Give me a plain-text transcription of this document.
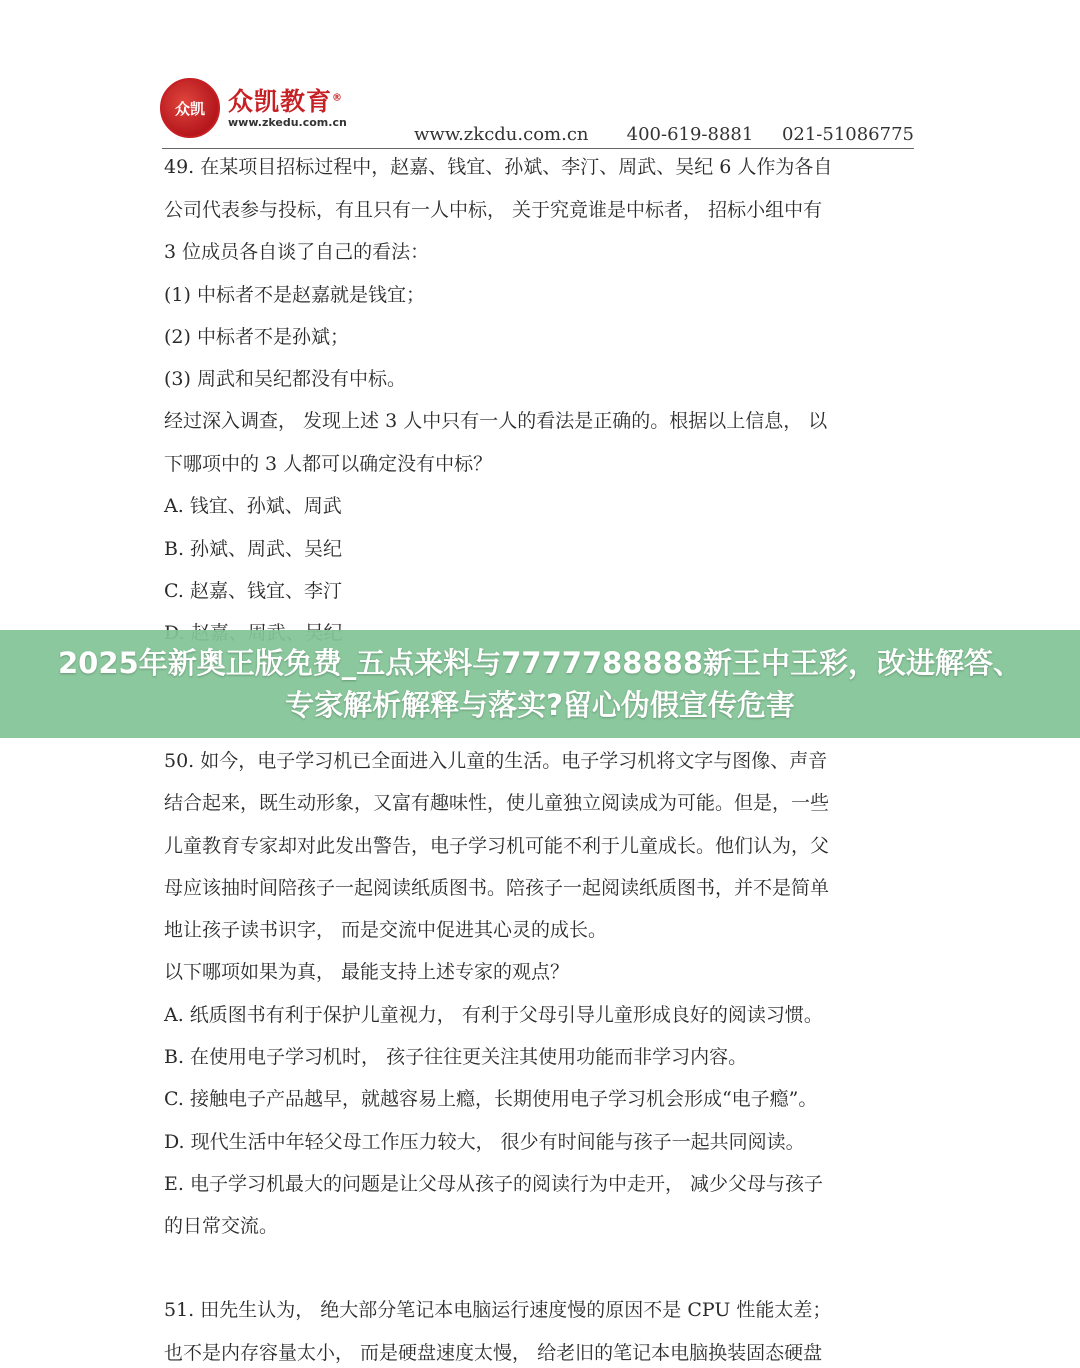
众凯 众凯教育®
www.zkedu.com.cn
www.zkcdu.com.cn 400-619-8881 021-51086775
49. 在某项目招标过程中，赵嘉、钱宜、孙斌、李汀、周武、吴纪 6 人作为各自
公司代表参与投标，有且只有一人中标， 关于究竟谁是中标者， 招标小组中有
3 位成员各自谈了自己的看法：
(1) 中标者不是赵嘉就是钱宜；
(2) 中标者不是孙斌；
(3) 周武和吴纪都没有中标。
经过深入调查， 发现上述 3 人中只有一人的看法是正确的。根据以上信息， 以
下哪项中的 3 人都可以确定没有中标？
A. 钱宜、孙斌、周武
B. 孙斌、周武、吴纪
C. 赵嘉、钱宜、李汀
50. 如今，电子学习机已全面进入儿童的生活。电子学习机将文字与图像、声音
结合起来，既生动形象，又富有趣味性，使儿童独立阅读成为可能。但是，一些
儿童教育专家却对此发出警告，电子学习机可能不利于儿童成长。他们认为，父
母应该抽时间陪孩子一起阅读纸质图书。陪孩子一起阅读纸质图书，并不是简单
地让孩子读书识字， 而是交流中促进其心灵的成长。
以下哪项如果为真， 最能支持上述专家的观点？
A. 纸质图书有利于保护儿童视力， 有利于父母引导儿童形成良好的阅读习惯。
B. 在使用电子学习机时， 孩子往往更关注其使用功能而非学习内容。
C. 接触电子产品越早，就越容易上瘾，长期使用电子学习机会形成“电子瘾”。
D. 现代生活中年轻父母工作压力较大， 很少有时间能与孩子一起共同阅读。
E. 电子学习机最大的问题是让父母从孩子的阅读行为中走开， 减少父母与孩子
的日常交流。
51. 田先生认为， 绝大部分笔记本电脑运行速度慢的原因不是 CPU 性能太差；
也不是内存容量太小， 而是硬盘速度太慢， 给老旧的笔记本电脑换装固态硬盘
2025年新奥正版免费_五点来料与7777788888新王中王彩，改进解答、专家解析解释与落实?留心伪假宣传危害
